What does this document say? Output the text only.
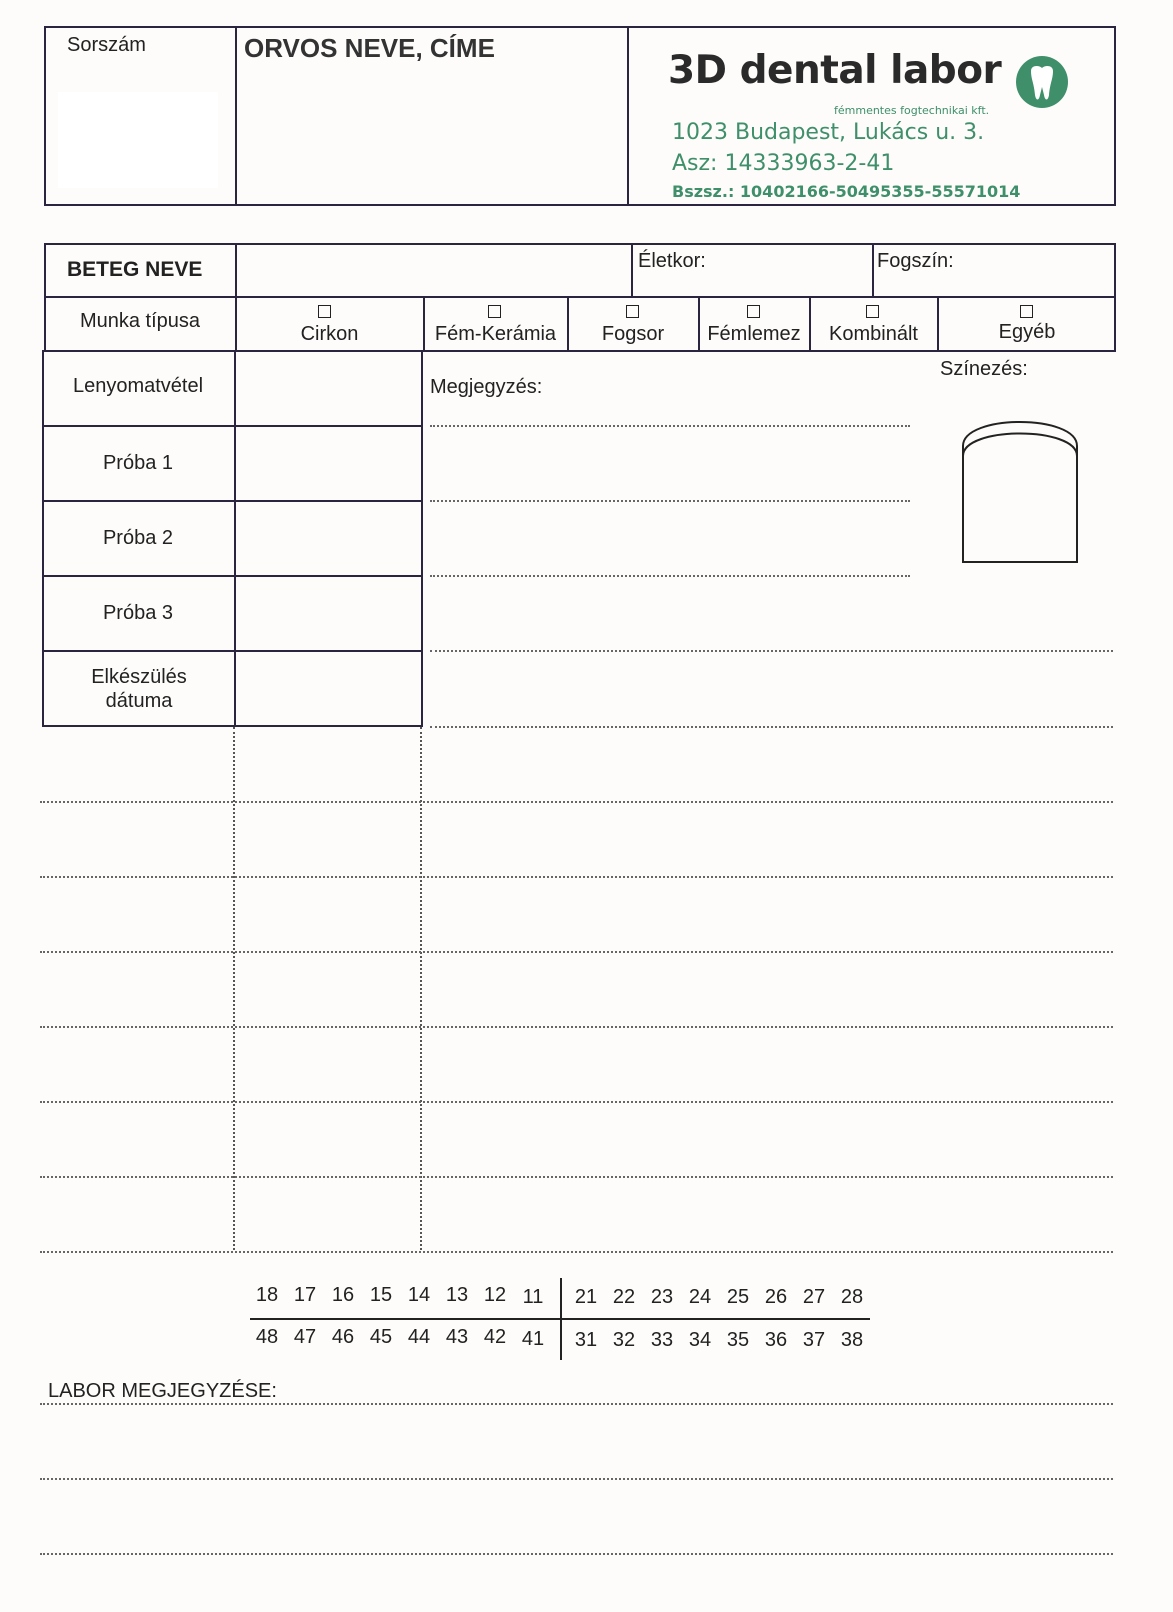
Sorszám	ORVOS NEVE, CÍME	3D dental labor
fémmentes fogtechnikai kft.
1023 Budapest, Lukács u. 3.
Asz: 14333963-2-41
Bszsz.: 10402166-50495355-55571014
BETEG NEVE	Életkor:	Fogszín:
Munka típusa
Cirkon	Fém-Kerámia	Fogsor	Fémlemez	Kombinált	Egyéb
Lenyomatvétel
Próba 1
Próba 2
Próba 3
Elkészülés dátuma
Megjegyzés:
Színezés:
18 17 16 15 14 13 12 11	21 22 23 24 25 26 27 28
48 47 46 45 44 43 42 41 31 32 33 34 35 36 37 38
LABOR MEGJEGYZÉSE:
